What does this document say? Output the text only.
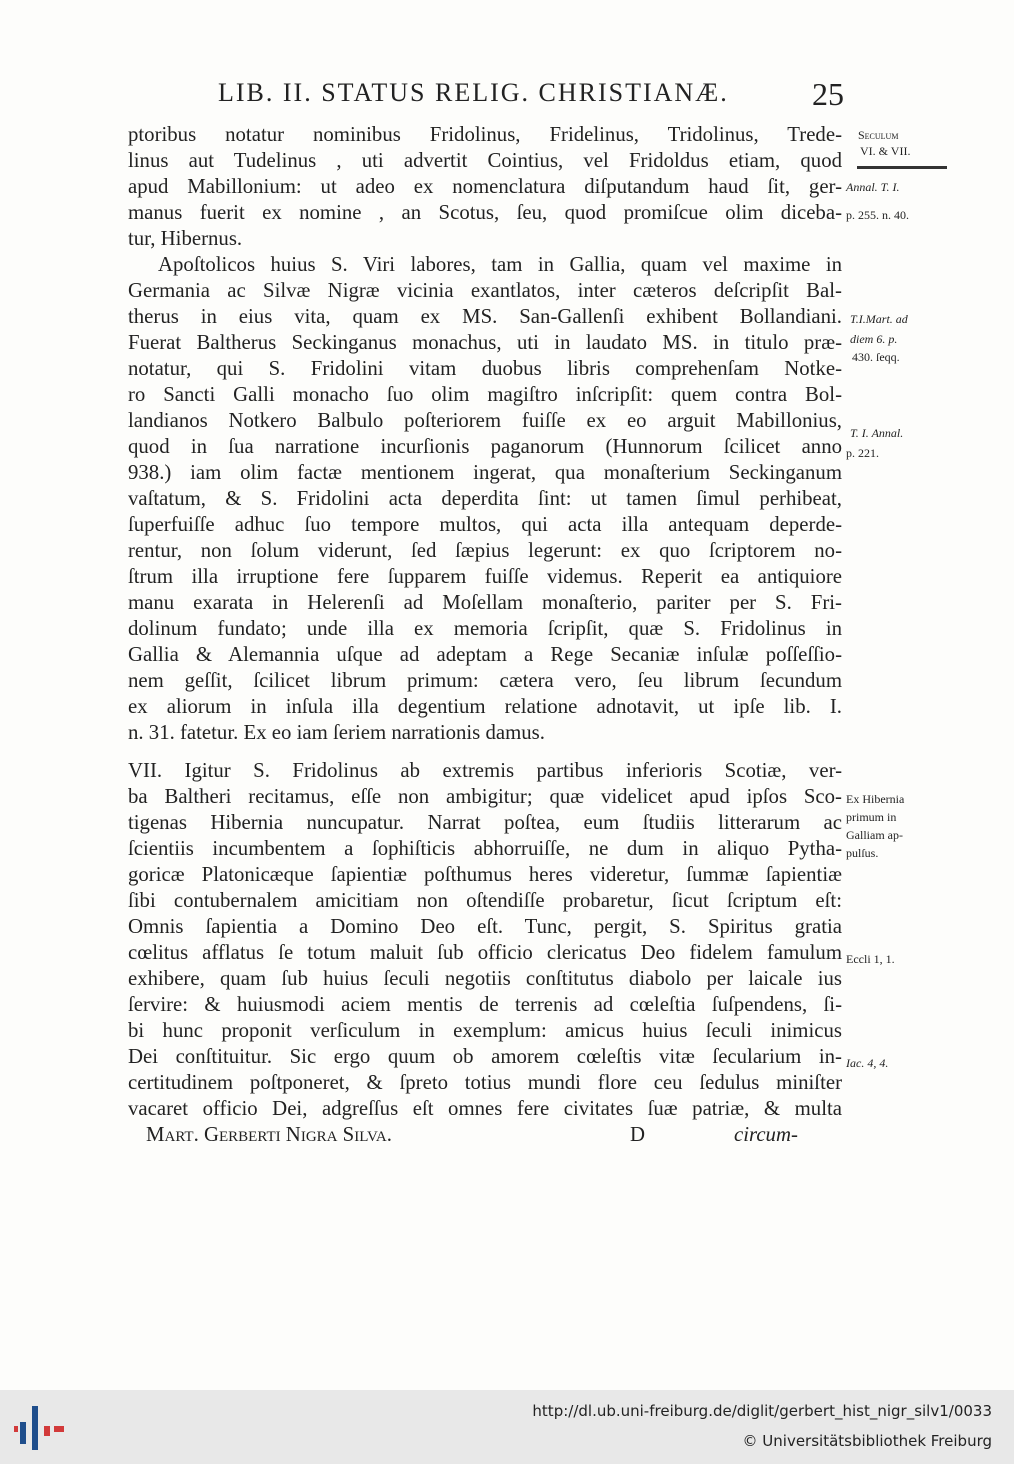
LIB. II. STATUS RELIG. CHRISTIANÆ.	25
ptoribus notatur nominibus Fridolinus, Fridelinus, Tridolinus, Trede-
linus aut Tudelinus , uti advertit Cointius, vel Fridoldus etiam, quod
apud Mabillonium: ut adeo ex nomenclatura diſputandum haud ſit, ger-
manus fuerit ex nomine , an Scotus, ſeu, quod promiſcue olim diceba-
tur, Hibernus.
Apoſtolicos huius S. Viri labores, tam in Gallia, quam vel maxime in
Germania ac Silvæ Nigræ vicinia exantlatos, inter cæteros deſcripſit Bal-
therus in eius vita, quam ex MS. San-Gallenſi exhibent Bollandiani.
Fuerat Baltherus Seckinganus monachus, uti in laudato MS. in titulo præ-
notatur, qui S. Fridolini vitam duobus libris comprehenſam Notke-
ro Sancti Galli monacho ſuo olim magiſtro inſcripſit: quem contra Bol-
landianos Notkero Balbulo poſteriorem fuiſſe ex eo arguit Mabillonius,
quod in ſua narratione incurſionis paganorum (Hunnorum ſcilicet anno
938.) iam olim factæ mentionem ingerat, qua monaſterium Seckinganum
vaſtatum, & S. Fridolini acta deperdita ſint: ut tamen ſimul perhibeat,
ſuperfuiſſe adhuc ſuo tempore multos, qui acta illa antequam deperde-
rentur, non ſolum viderunt, ſed ſæpius legerunt: ex quo ſcriptorem no-
ſtrum illa irruptione fere ſupparem fuiſſe videmus. Reperit ea antiquiore
manu exarata in Helerenſi ad Moſellam monaſterio, pariter per S. Fri-
dolinum fundato; unde illa ex memoria ſcripſit, quæ S. Fridolinus in
Gallia & Alemannia uſque ad adeptam a Rege Secaniæ inſulæ poſſeſſio-
nem geſſit, ſcilicet librum primum: cætera vero, ſeu librum ſecundum
ex aliorum in inſula illa degentium relatione adnotavit, ut ipſe lib. I.
n. 31. fatetur. Ex eo iam ſeriem narrationis damus.
VII. Igitur S. Fridolinus ab extremis partibus inferioris Scotiæ, ver-
ba Baltheri recitamus, eſſe non ambigitur; quæ videlicet apud ipſos Sco-
tigenas Hibernia nuncupatur. Narrat poſtea, eum ſtudiis litterarum ac
ſcientiis incumbentem a ſophiſticis abhorruiſſe, ne dum in aliquo Pytha-
goricæ Platonicæque ſapientiæ poſthumus heres videretur, ſummæ ſapientiæ
ſibi contubernalem amicitiam non oſtendiſſe probaretur, ſicut ſcriptum eſt:
Omnis ſapientia a Domino Deo eſt. Tunc, pergit, S. Spiritus gratia
cœlitus afflatus ſe totum maluit ſub officio clericatus Deo fidelem famulum
exhibere, quam ſub huius ſeculi negotiis conſtitutus diabolo per laicale ius
ſervire: & huiusmodi aciem mentis de terrenis ad cœleſtia ſuſpendens, ſi-
bi hunc proponit verſiculum in exemplum: amicus huius ſeculi inimicus
Dei conſtituitur. Sic ergo quum ob amorem cœleſtis vitæ ſecularium in-
certitudinem poſtponeret, & ſpreto totius mundi flore ceu ſedulus miniſter
vacaret officio Dei, adgreſſus eſt omnes fere civitates ſuæ patriæ, & multa
Mart. Gerberti Nigra Silva.	D	circum-
Seculum
VI. & VII.
Annal. T. I.
p. 255. n. 40.
T.I.Mart. ad
diem 6. p.
430. ſeqq.
T. I. Annal.
p. 221.
Ex Hibernia
primum in
Galliam ap-
pulſus.
Eccli 1, 1.
Iac. 4, 4.
http://dl.ub.uni-freiburg.de/diglit/gerbert_hist_nigr_silv1/0033
© Universitätsbibliothek Freiburg
